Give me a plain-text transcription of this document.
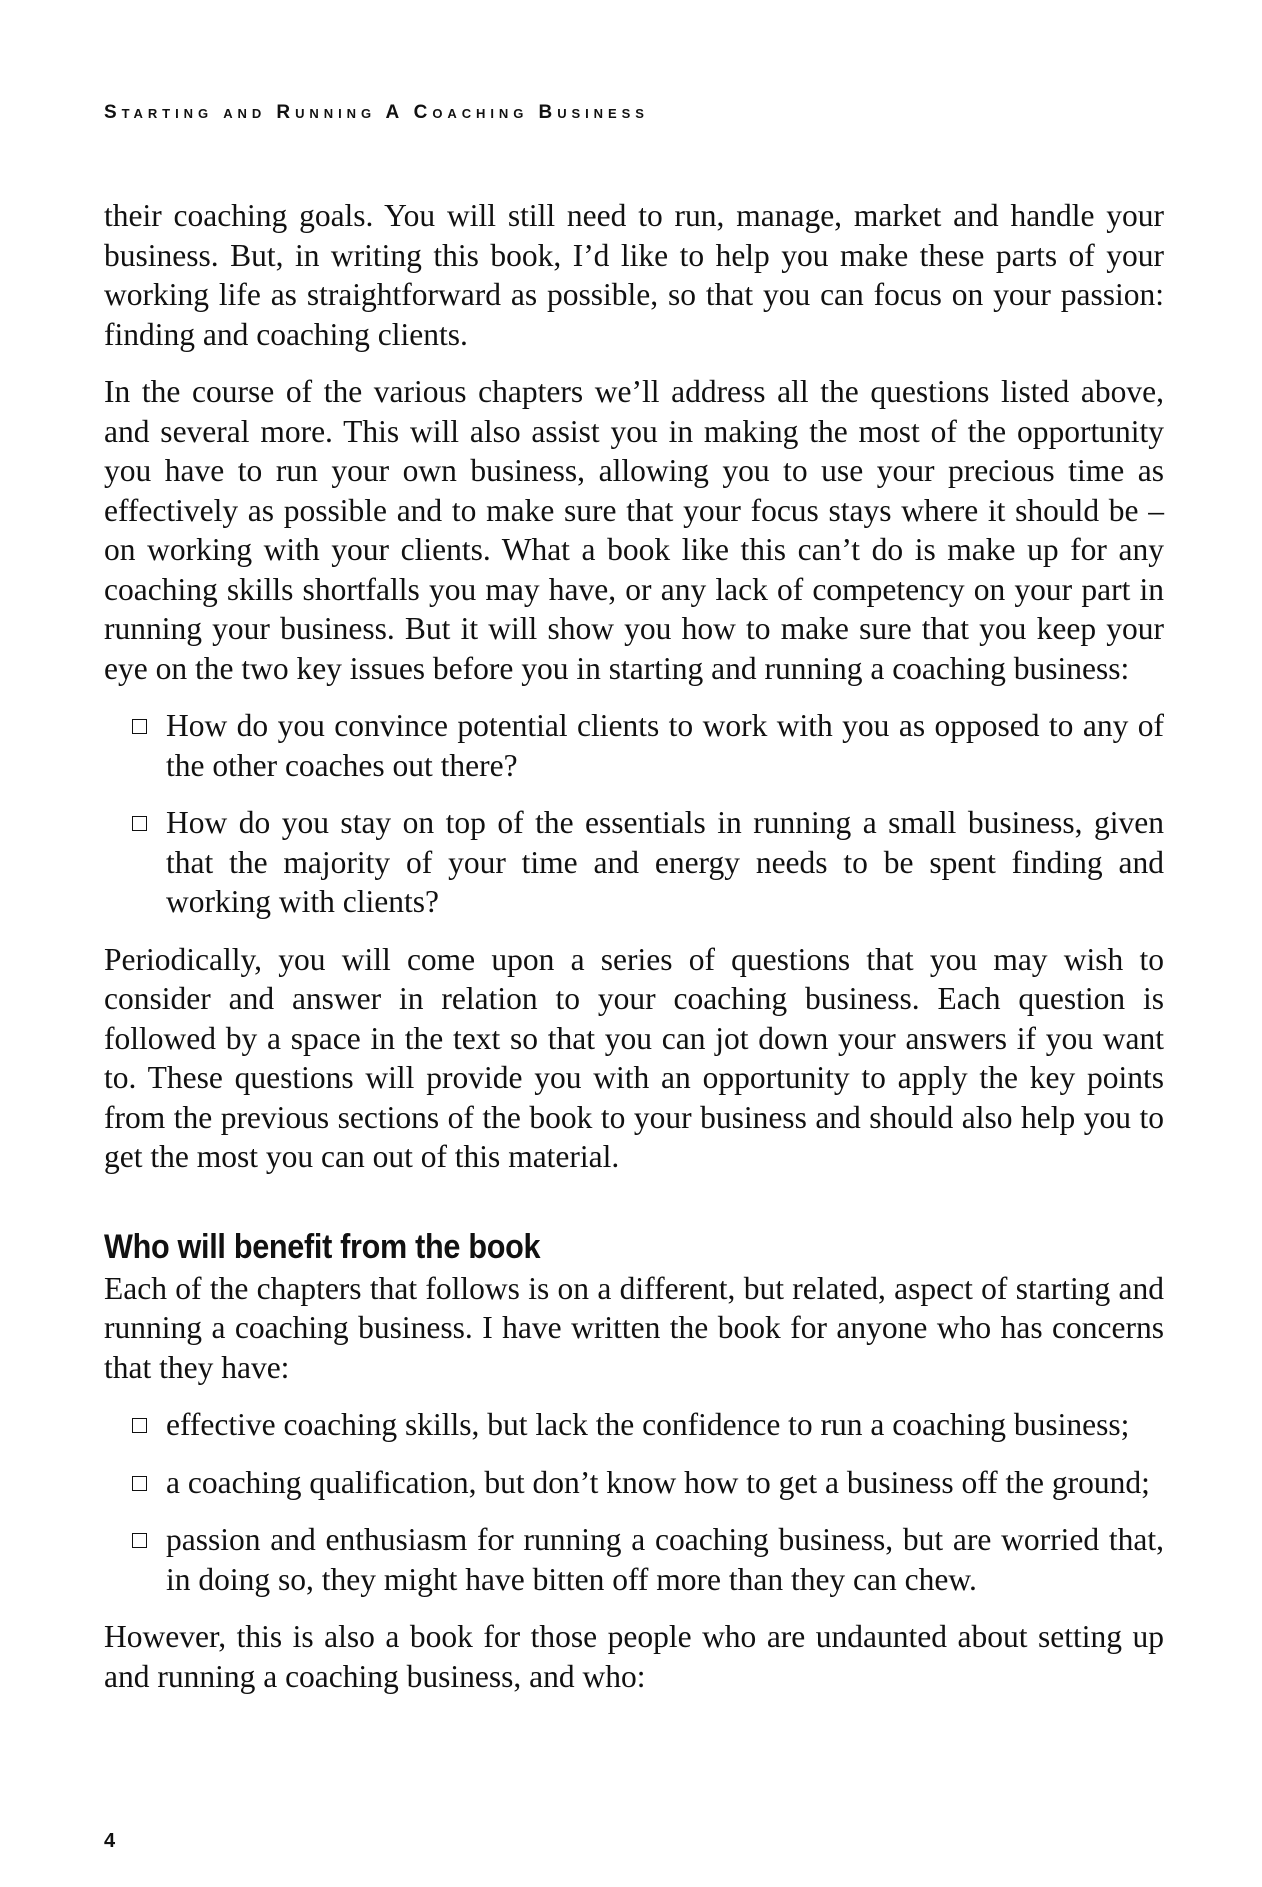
Starting and Running A Coaching Business

their coaching goals. You will still need to run, manage, market and handle your business. But, in writing this book, I’d like to help you make these parts of your working life as straightforward as possible, so that you can focus on your passion: finding and coaching clients.

In the course of the various chapters we’ll address all the questions listed above, and several more. This will also assist you in making the most of the opportunity you have to run your own business, allowing you to use your precious time as effectively as possible and to make sure that your focus stays where it should be – on working with your clients. What a book like this can’t do is make up for any coaching skills shortfalls you may have, or any lack of competency on your part in running your business. But it will show you how to make sure that you keep your eye on the two key issues before you in starting and running a coaching business:

How do you convince potential clients to work with you as opposed to any of the other coaches out there?
How do you stay on top of the essentials in running a small business, given that the majority of your time and energy needs to be spent finding and working with clients?

Periodically, you will come upon a series of questions that you may wish to consider and answer in relation to your coaching business. Each question is followed by a space in the text so that you can jot down your answers if you want to. These questions will provide you with an opportunity to apply the key points from the previous sections of the book to your business and should also help you to get the most you can out of this material.

Who will benefit from the book

Each of the chapters that follows is on a different, but related, aspect of starting and running a coaching business. I have written the book for anyone who has concerns that they have:

effective coaching skills, but lack the confidence to run a coaching business;
a coaching qualification, but don’t know how to get a business off the ground;
passion and enthusiasm for running a coaching business, but are worried that, in doing so, they might have bitten off more than they can chew.

However, this is also a book for those people who are undaunted about setting up and running a coaching business, and who:

4
